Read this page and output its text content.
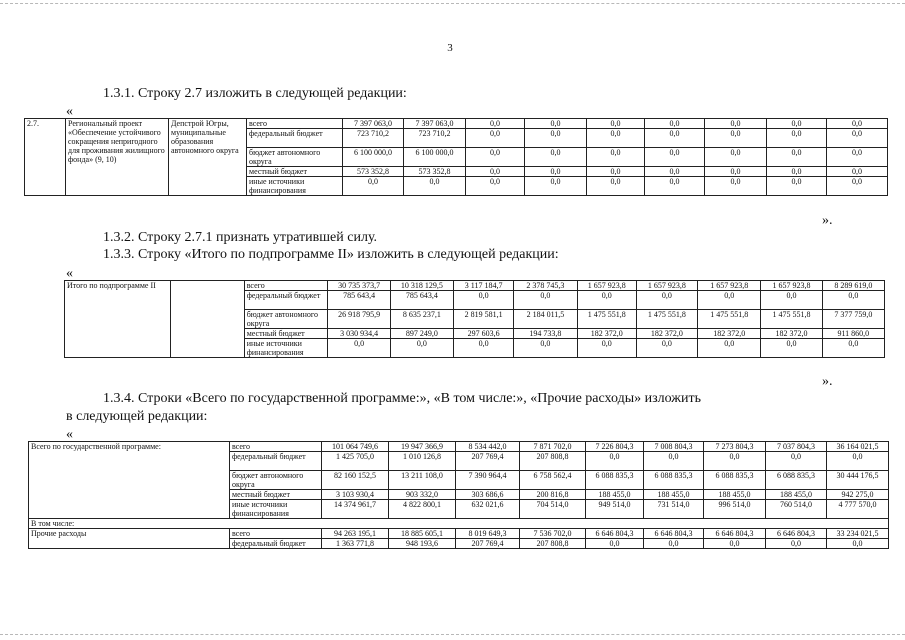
3
1.3.1. Строку 2.7 изложить в следующей редакции:
«
2.7.	Региональный проект «Обеспечение устойчивого сокращения непригодного для проживания жилищного фонда» (9, 10)	Депстрой Югры, муниципальные образования автономного округа	всего	7 397 063,0	7 397 063,0	0,0	0,0	0,0	0,0	0,0	0,0	0,0
			федеральный бюджет	723 710,2	723 710,2	0,0	0,0	0,0	0,0	0,0	0,0	0,0
			бюджет автономного округа	6 100 000,0	6 100 000,0	0,0	0,0	0,0	0,0	0,0	0,0	0,0
			местный бюджет	573 352,8	573 352,8	0,0	0,0	0,0	0,0	0,0	0,0	0,0
			иные источники финансирования	0,0	0,0	0,0	0,0	0,0	0,0	0,0	0,0	0,0
».
1.3.2. Строку 2.7.1 признать утратившей силу.
1.3.3. Строку «Итого по подпрограмме II» изложить в следующей редакции:
«
Итого по подпрограмме II		всего	30 735 373,7	10 318 129,5	3 117 184,7	2 378 745,3	1 657 923,8	1 657 923,8	1 657 923,8	1 657 923,8	8 289 619,0
		федеральный бюджет	785 643,4	785 643,4	0,0	0,0	0,0	0,0	0,0	0,0	0,0
		бюджет автономного округа	26 918 795,9	8 635 237,1	2 819 581,1	2 184 011,5	1 475 551,8	1 475 551,8	1 475 551,8	1 475 551,8	7 377 759,0
		местный бюджет	3 030 934,4	897 249,0	297 603,6	194 733,8	182 372,0	182 372,0	182 372,0	182 372,0	911 860,0
		иные источники финансирования	0,0	0,0	0,0	0,0	0,0	0,0	0,0	0,0	0,0
».
1.3.4. Строки «Всего по государственной программе:», «В том числе:», «Прочие расходы» изложить
в следующей редакции:
«
Всего по государственной программе:	всего	101 064 749,6	19 947 366,9	8 534 442,0	7 871 702,0	7 226 804,3	7 008 804,3	7 273 804,3	7 037 804,3	36 164 021,5
	федеральный бюджет	1 425 705,0	1 010 126,8	207 769,4	207 808,8	0,0	0,0	0,0	0,0	0,0
	бюджет автономного округа	82 160 152,5	13 211 108,0	7 390 964,4	6 758 562,4	6 088 835,3	6 088 835,3	6 088 835,3	6 088 835,3	30 444 176,5
	местный бюджет	3 103 930,4	903 332,0	303 686,6	200 816,8	188 455,0	188 455,0	188 455,0	188 455,0	942 275,0
	иные источники финансирования	14 374 961,7	4 822 800,1	632 021,6	704 514,0	949 514,0	731 514,0	996 514,0	760 514,0	4 777 570,0
В том числе:										
Прочие расходы	всего	94 263 195,1	18 885 605,1	8 019 649,3	7 536 702,0	6 646 804,3	6 646 804,3	6 646 804,3	6 646 804,3	33 234 021,5
	федеральный бюджет	1 363 771,8	948 193,6	207 769,4	207 808,8	0,0	0,0	0,0	0,0	0,0
